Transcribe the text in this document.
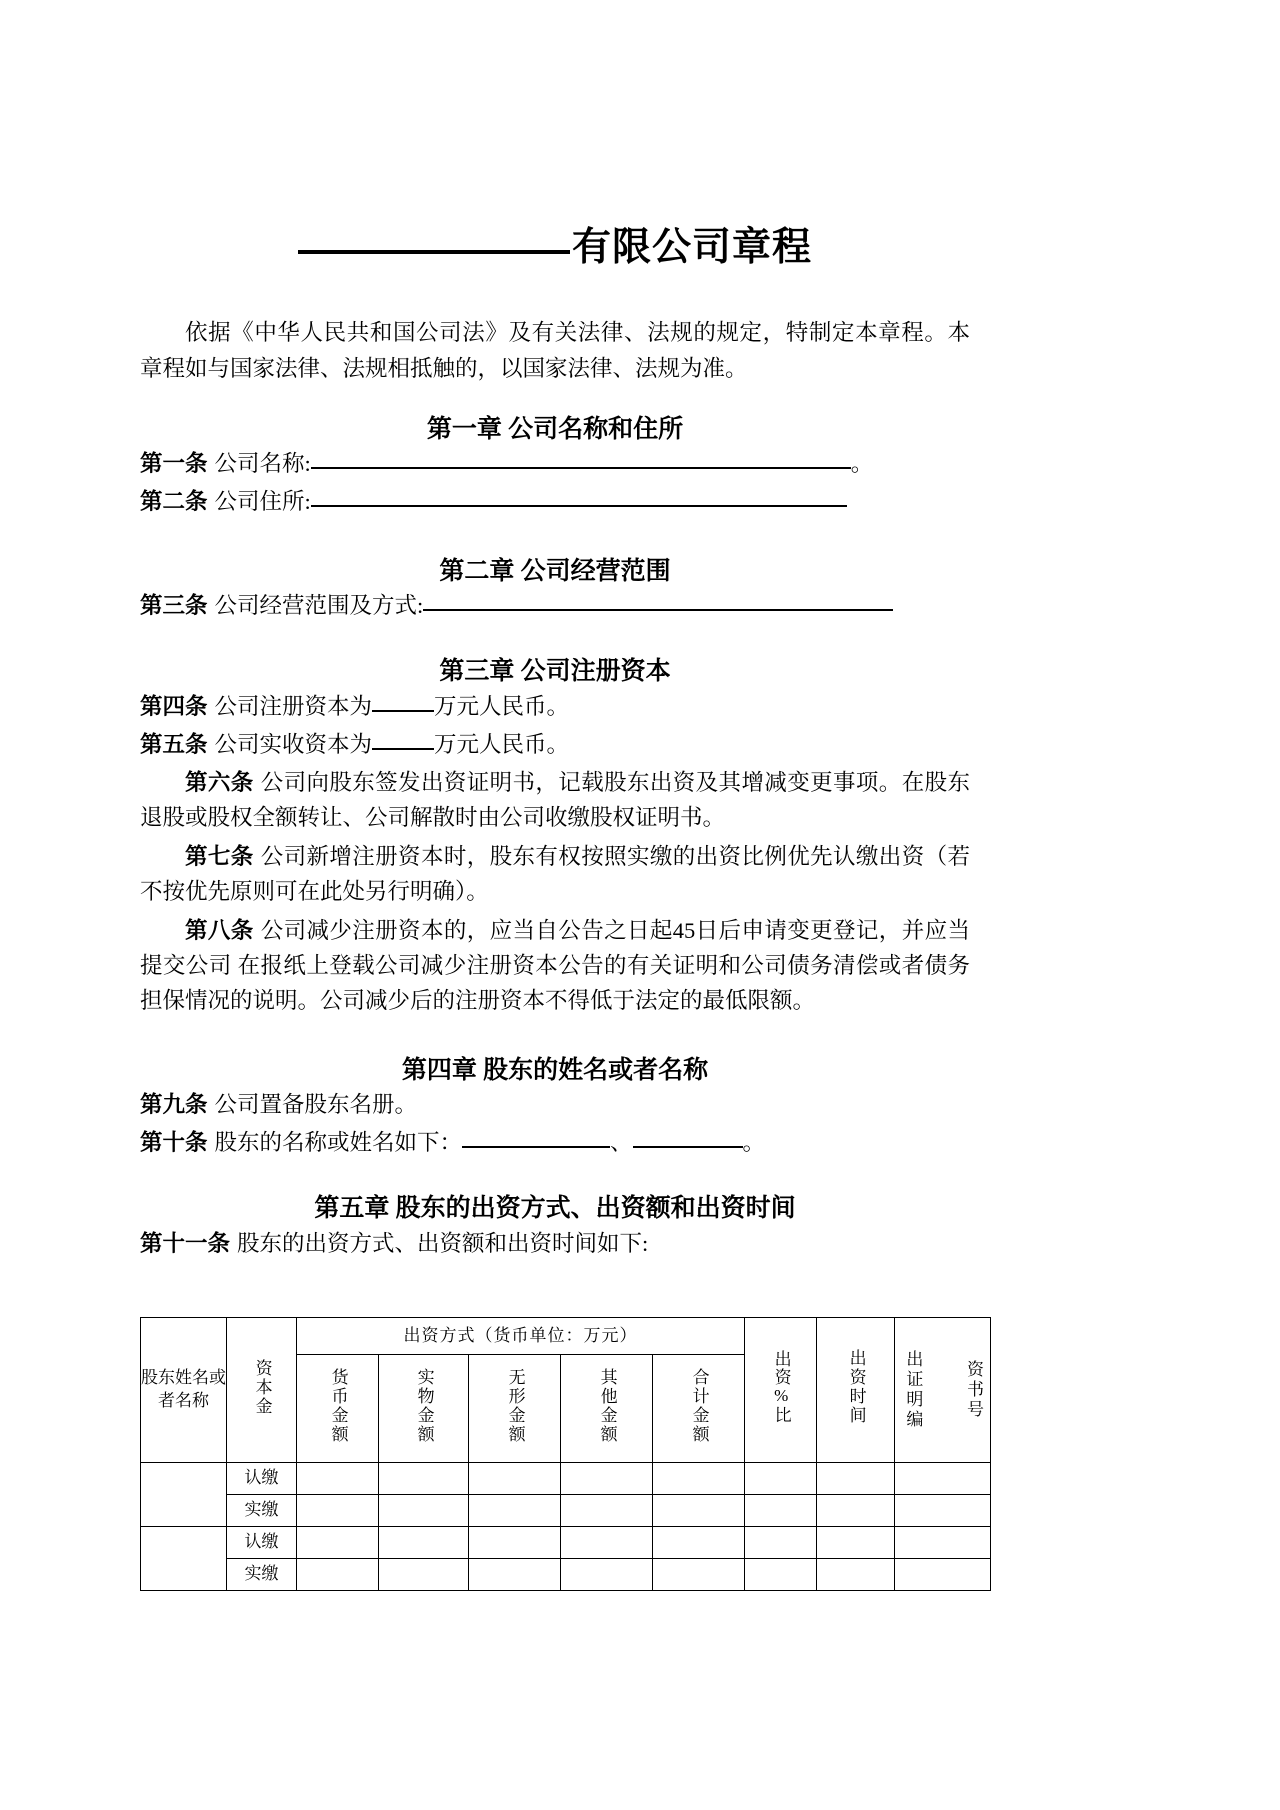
有限公司章程

依据《中华人民共和国公司法》及有关法律、法规的规定，特制定本章程。本章程如与国家法律、法规相抵触的，以国家法律、法规为准。

第一章 公司名称和住所

第一条 公司名称:	。

第二条 公司住所:

第二章 公司经营范围

第三条 公司经营范围及方式:

第三章 公司注册资本

第四条 公司注册资本为	万元人民币。

第五条 公司实收资本为	万元人民币。

第六条 公司向股东签发出资证明书，记载股东出资及其增减变更事项。在股东退股或股权全额转让、公司解散时由公司收缴股权证明书。

第七条 公司新增注册资本时，股东有权按照实缴的出资比例优先认缴出资（若不按优先原则可在此处另行明确）。

第八条 公司减少注册资本的，应当自公告之日起45日后申请变更登记，并应当提交公司 在报纸上登载公司减少注册资本公告的有关证明和公司债务清偿或者债务担保情况的说明。公司减少后的注册资本不得低于法定的最低限额。

第四章 股东的姓名或者名称

第九条 公司置备股东名册。

第十条 股东的名称或姓名如下：	、	。

第五章 股东的出资方式、出资额和出资时间

第十一条 股东的出资方式、出资额和出资时间如下:

股东姓名或者名称	资本金	出资方式（货币单位：万元）					出资%比	出资时间	出证明编 资书号

		货币金额	实物金额	无形金额	其他金额	合计金额			
	认缴								
	实缴								
	认缴								
	实缴								
